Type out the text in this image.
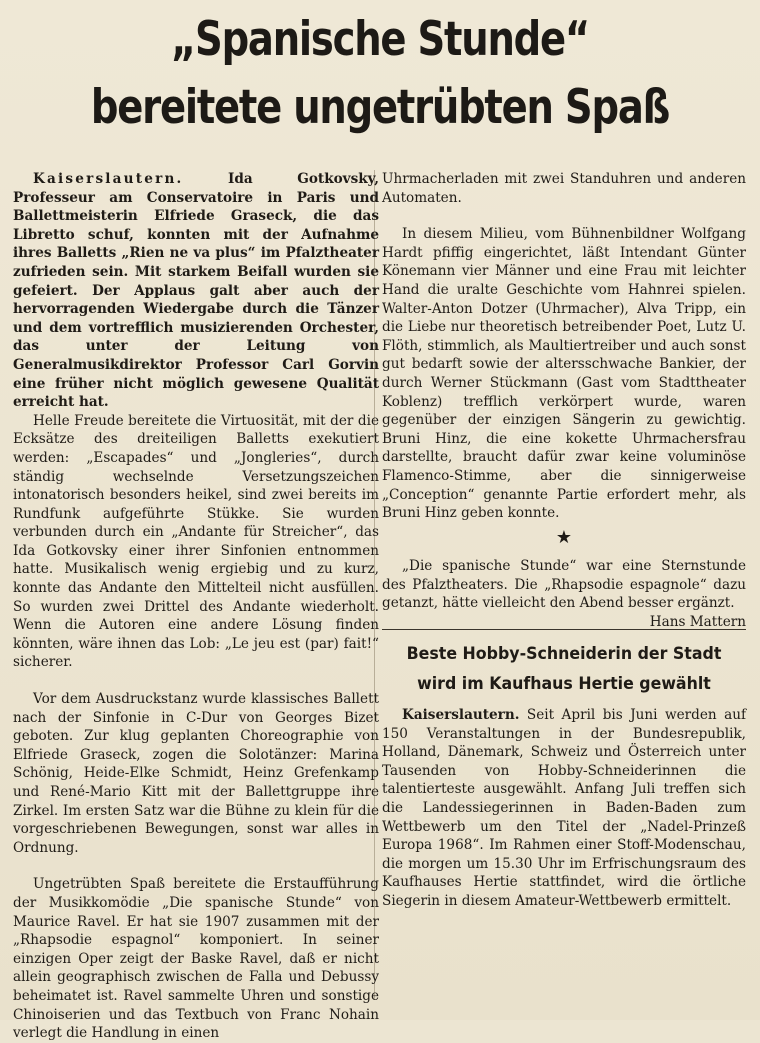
„Spanische Stunde“
bereitete ungetrübten Spaß

Kaiserslautern. Ida Gotkovsky, Professeur am Conservatoire in Paris und Ballettmeisterin Elfriede Graseck, die das Libretto schuf, konnten mit der Aufnahme ihres Balletts „Rien ne va plus“ im Pfalztheater zufrieden sein. Mit starkem Beifall wurden sie gefeiert. Der Applaus galt aber auch der hervorragenden Wiedergabe durch die Tänzer und dem vortrefflich musizierenden Orchester, das unter der Leitung von Generalmusikdirektor Professor Carl Gorvin eine früher nicht möglich gewesene Qualität erreicht hat.

Helle Freude bereitete die Virtuosität, mit der die Ecksätze des dreiteiligen Balletts exekutiert werden: „Escapades“ und „Jongleries“, durch ständig wechselnde Versetzungszeichen intonatorisch besonders heikel, sind zwei bereits im Rundfunk aufgeführte Stükke. Sie wurden verbunden durch ein „Andante für Streicher“, das Ida Gotkovsky einer ihrer Sinfonien entnommen hatte. Musikalisch wenig ergiebig und zu kurz, konnte das Andante den Mittelteil nicht ausfüllen. So wurden zwei Drittel des Andante wiederholt. Wenn die Autoren eine andere Lösung finden könnten, wäre ihnen das Lob: „Le jeu est (par) fait!“ sicherer.

Vor dem Ausdruckstanz wurde klassisches Ballett nach der Sinfonie in C-Dur von Georges Bizet geboten. Zur klug geplanten Choreographie von Elfriede Graseck, zogen die Solotänzer: Marina Schönig, Heide-Elke Schmidt, Heinz Grefenkamp und René-Mario Kitt mit der Ballettgruppe ihre Zirkel. Im ersten Satz war die Bühne zu klein für die vorgeschriebenen Bewegungen, sonst war alles in Ordnung.

Ungetrübten Spaß bereitete die Erstaufführung der Musikkomödie „Die spanische Stunde“ von Maurice Ravel. Er hat sie 1907 zusammen mit der „Rhapsodie espagnol“ komponiert. In seiner einzigen Oper zeigt der Baske Ravel, daß er nicht allein geographisch zwischen de Falla und Debussy beheimatet ist. Ravel sammelte Uhren und sonstige Chinoiserien und das Textbuch von Franc Nohain verlegt die Handlung in einen

Uhrmacherladen mit zwei Standuhren und anderen Automaten.

In diesem Milieu, vom Bühnenbildner Wolfgang Hardt pfiffig eingerichtet, läßt Intendant Günter Könemann vier Männer und eine Frau mit leichter Hand die uralte Geschichte vom Hahnrei spielen. Walter-Anton Dotzer (Uhrmacher), Alva Tripp, ein die Liebe nur theoretisch betreibender Poet, Lutz U. Flöth, stimmlich, als Maultiertreiber und auch sonst gut bedarft sowie der altersschwache Bankier, der durch Werner Stückmann (Gast vom Stadttheater Koblenz) trefflich verkörpert wurde, waren gegenüber der einzigen Sängerin zu gewichtig. Bruni Hinz, die eine kokette Uhrmachersfrau darstellte, braucht dafür zwar keine voluminöse Flamenco-Stimme, aber die sinnigerweise „Conception“ genannte Partie erfordert mehr, als Bruni Hinz geben konnte.

★

„Die spanische Stunde“ war eine Sternstunde des Pfalztheaters. Die „Rhapsodie espagnole“ dazu getanzt, hätte vielleicht den Abend besser ergänzt.
Hans Mattern

Beste Hobby-Schneiderin der Stadt
wird im Kaufhaus Hertie gewählt

Kaiserslautern. Seit April bis Juni werden auf 150 Veranstaltungen in der Bundesrepublik, Holland, Dänemark, Schweiz und Österreich unter Tausenden von Hobby-Schneiderinnen die talentierteste ausgewählt. Anfang Juli treffen sich die Landessiegerinnen in Baden-Baden zum Wettbewerb um den Titel der „Nadel-Prinzeß Europa 1968“. Im Rahmen einer Stoff-Modenschau, die morgen um 15.30 Uhr im Erfrischungsraum des Kaufhauses Hertie stattfindet, wird die örtliche Siegerin in diesem Amateur-Wettbewerb ermittelt.
